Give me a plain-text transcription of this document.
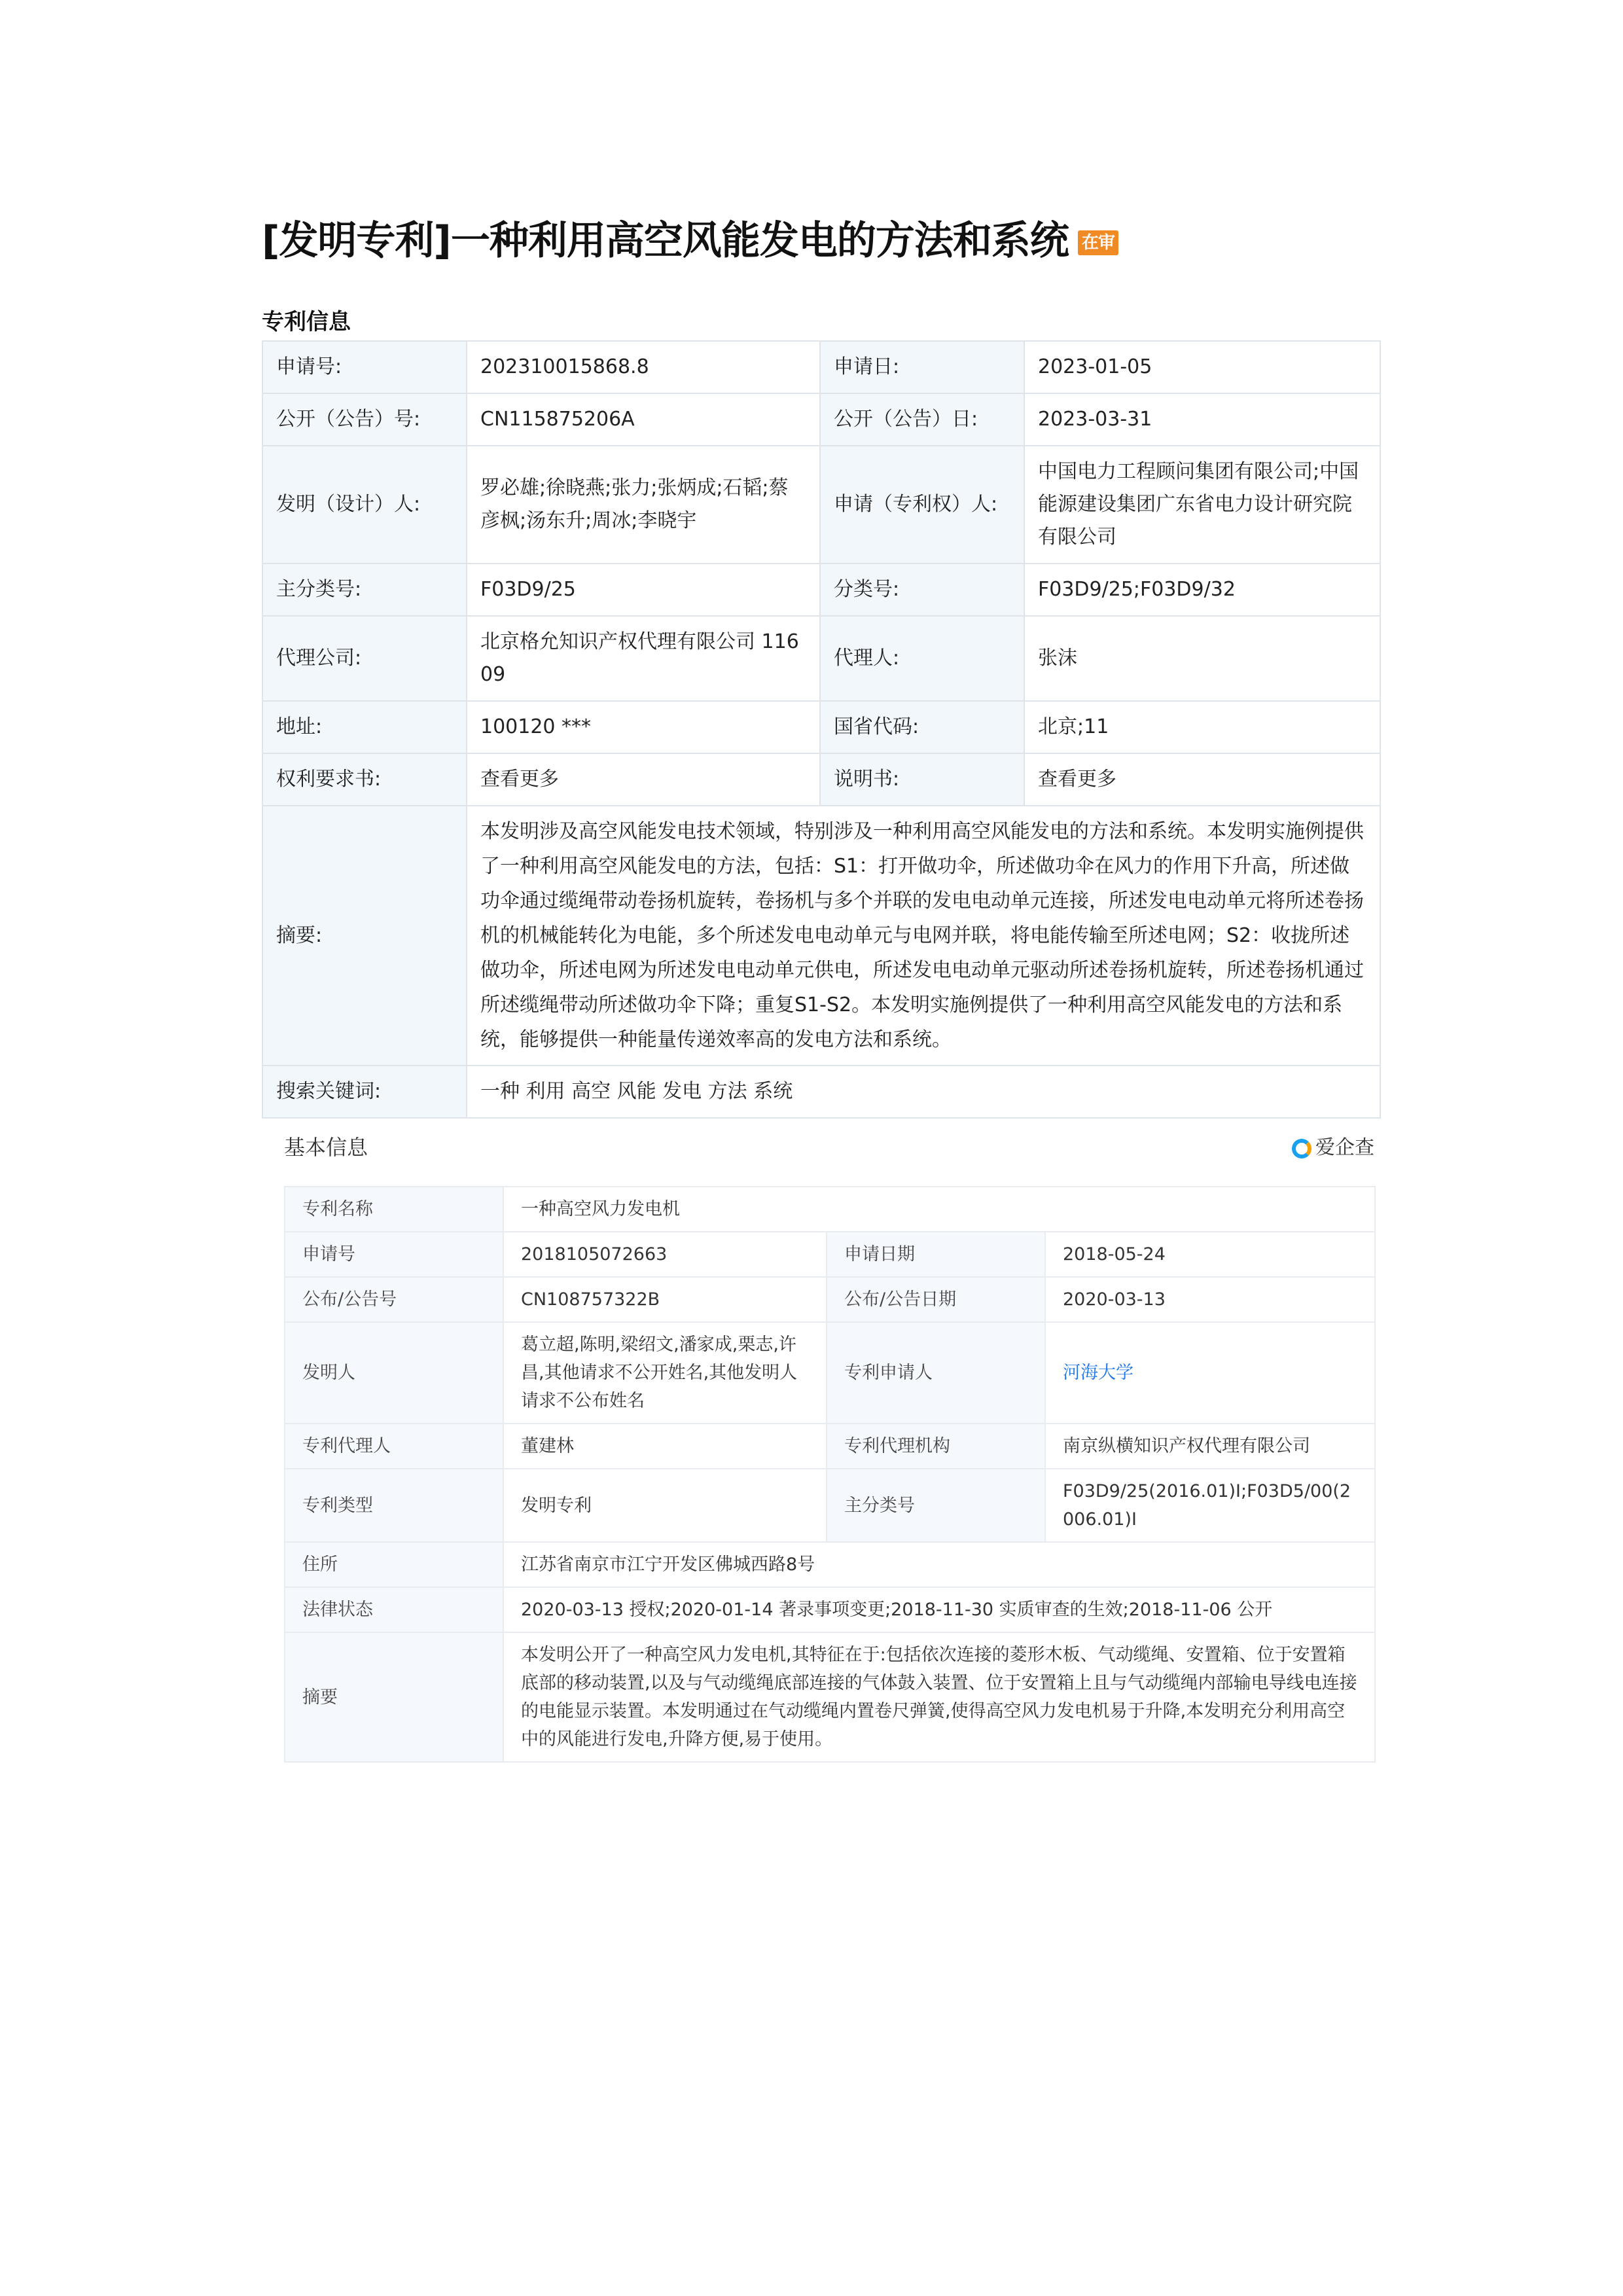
[发明专利]一种利用高空风能发电的方法和系统 在审
专利信息
申请号:	202310015868.8	申请日:	2023-01-05
公开（公告）号:	CN115875206A	公开（公告）日:	2023-03-31
发明（设计）人:	罗必雄;徐晓燕;张力;张炳成;石韬;蔡彦枫;汤东升;周冰;李晓宇	申请（专利权）人:	中国电力工程顾问集团有限公司;中国能源建设集团广东省电力设计研究院有限公司
主分类号:	F03D9/25	分类号:	F03D9/25;F03D9/32
代理公司:	北京格允知识产权代理有限公司 11609	代理人:	张沫
地址:	100120 ***	国省代码:	北京;11
权利要求书:	查看更多	说明书:	查看更多
摘要:	本发明涉及高空风能发电技术领域，特别涉及一种利用高空风能发电的方法和系统。本发明实施例提供了一种利用高空风能发电的方法，包括：S1：打开做功伞，所述做功伞在风力的作用下升高，所述做功伞通过缆绳带动卷扬机旋转，卷扬机与多个并联的发电电动单元连接，所述发电电动单元将所述卷扬机的机械能转化为电能，多个所述发电电动单元与电网并联，将电能传输至所述电网；S2：收拢所述做功伞，所述电网为所述发电电动单元供电，所述发电电动单元驱动所述卷扬机旋转，所述卷扬机通过所述缆绳带动所述做功伞下降；重复S1‑S2。本发明实施例提供了一种利用高空风能发电的方法和系统，能够提供一种能量传递效率高的发电方法和系统。		
搜索关键词:	一种 利用 高空 风能 发电 方法 系统		
基本信息	爱企查
专利名称	一种高空风力发电机		
申请号	2018105072663	申请日期	2018-05-24
公布/公告号	CN108757322B	公布/公告日期	2020-03-13
发明人	葛立超,陈明,梁绍文,潘家成,栗志,许昌,其他请求不公开姓名,其他发明人请求不公布姓名	专利申请人	河海大学
专利代理人	董建林	专利代理机构	南京纵横知识产权代理有限公司
专利类型	发明专利	主分类号	F03D9/25(2016.01)I;F03D5/00(2006.01)I
住所	江苏省南京市江宁开发区佛城西路8号		
法律状态	2020-03-13 授权;2020-01-14 著录事项变更;2018-11-30 实质审查的生效;2018-11-06 公开		
摘要	本发明公开了一种高空风力发电机,其特征在于:包括依次连接的菱形木板、气动缆绳、安置箱、位于安置箱底部的移动装置,以及与气动缆绳底部连接的气体鼓入装置、位于安置箱上且与气动缆绳内部输电导线电连接的电能显示装置。本发明通过在气动缆绳内置卷尺弹簧,使得高空风力发电机易于升降,本发明充分利用高空中的风能进行发电,升降方便,易于使用。		
